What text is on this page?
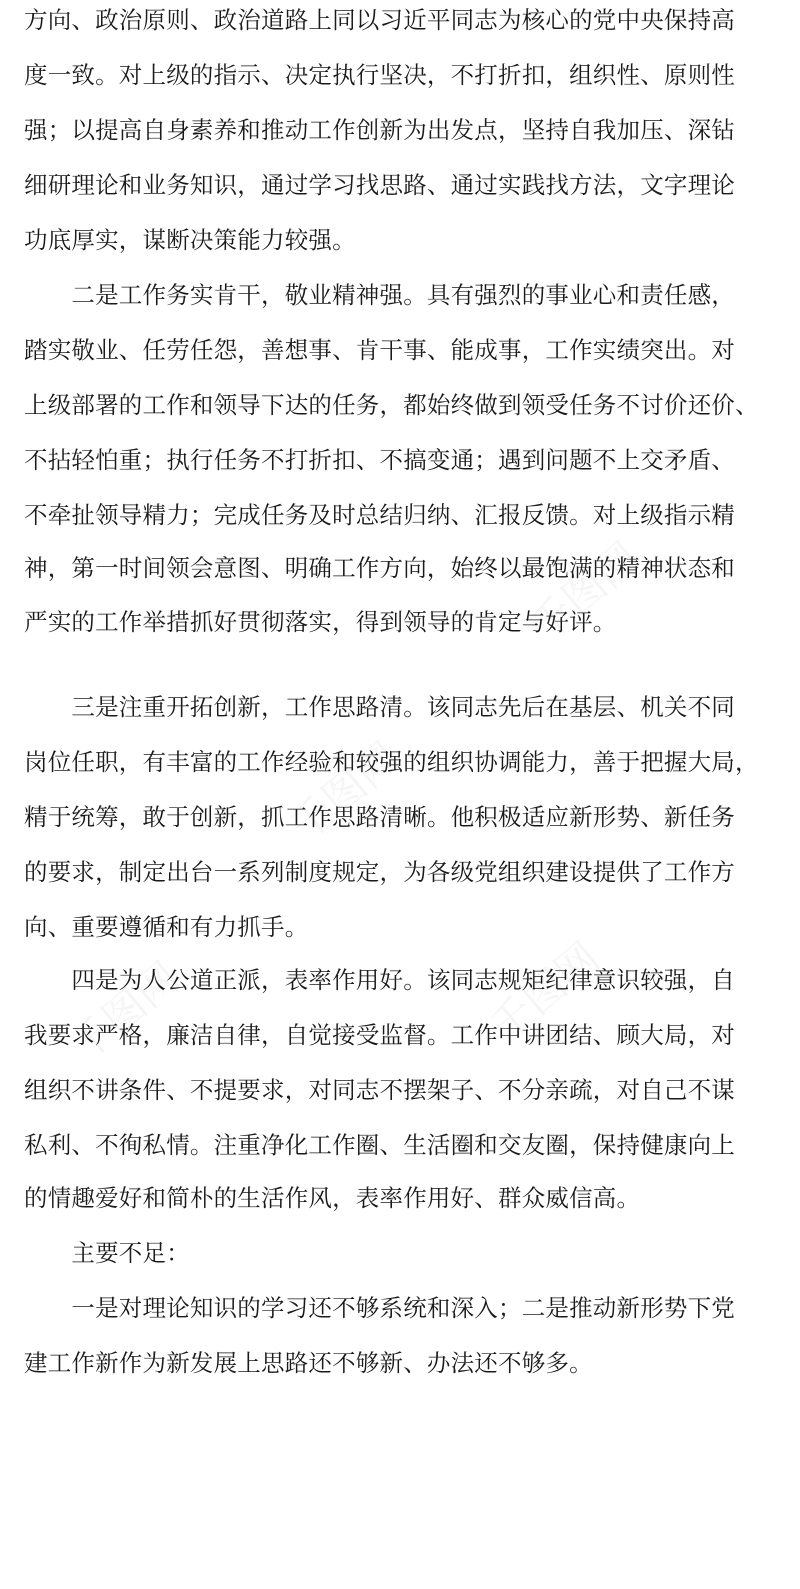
千图网
千图网
千图网
千图网
方向、政治原则、政治道路上同以习近平同志为核心的党中央保持高
度一致。对上级的指示、决定执行坚决，不打折扣，组织性、原则性
强；以提高自身素养和推动工作创新为出发点，坚持自我加压、深钻
细研理论和业务知识，通过学习找思路、通过实践找方法，文字理论
功底厚实，谋断决策能力较强。
　　二是工作务实肯干，敬业精神强。具有强烈的事业心和责任感，
踏实敬业、任劳任怨，善想事、肯干事、能成事，工作实绩突出。对
上级部署的工作和领导下达的任务，都始终做到领受任务不讨价还价、
不拈轻怕重；执行任务不打折扣、不搞变通；遇到问题不上交矛盾、
不牵扯领导精力；完成任务及时总结归纳、汇报反馈。对上级指示精
神，第一时间领会意图、明确工作方向，始终以最饱满的精神状态和
严实的工作举措抓好贯彻落实，得到领导的肯定与好评。
　　三是注重开拓创新，工作思路清。该同志先后在基层、机关不同
岗位任职，有丰富的工作经验和较强的组织协调能力，善于把握大局，
精于统筹，敢于创新，抓工作思路清晰。他积极适应新形势、新任务
的要求，制定出台一系列制度规定，为各级党组织建设提供了工作方
向、重要遵循和有力抓手。
　　四是为人公道正派，表率作用好。该同志规矩纪律意识较强，自
我要求严格，廉洁自律，自觉接受监督。工作中讲团结、顾大局，对
组织不讲条件、不提要求，对同志不摆架子、不分亲疏，对自己不谋
私利、不徇私情。注重净化工作圈、生活圈和交友圈，保持健康向上
的情趣爱好和简朴的生活作风，表率作用好、群众威信高。
　　主要不足：
　　一是对理论知识的学习还不够系统和深入；二是推动新形势下党
建工作新作为新发展上思路还不够新、办法还不够多。
